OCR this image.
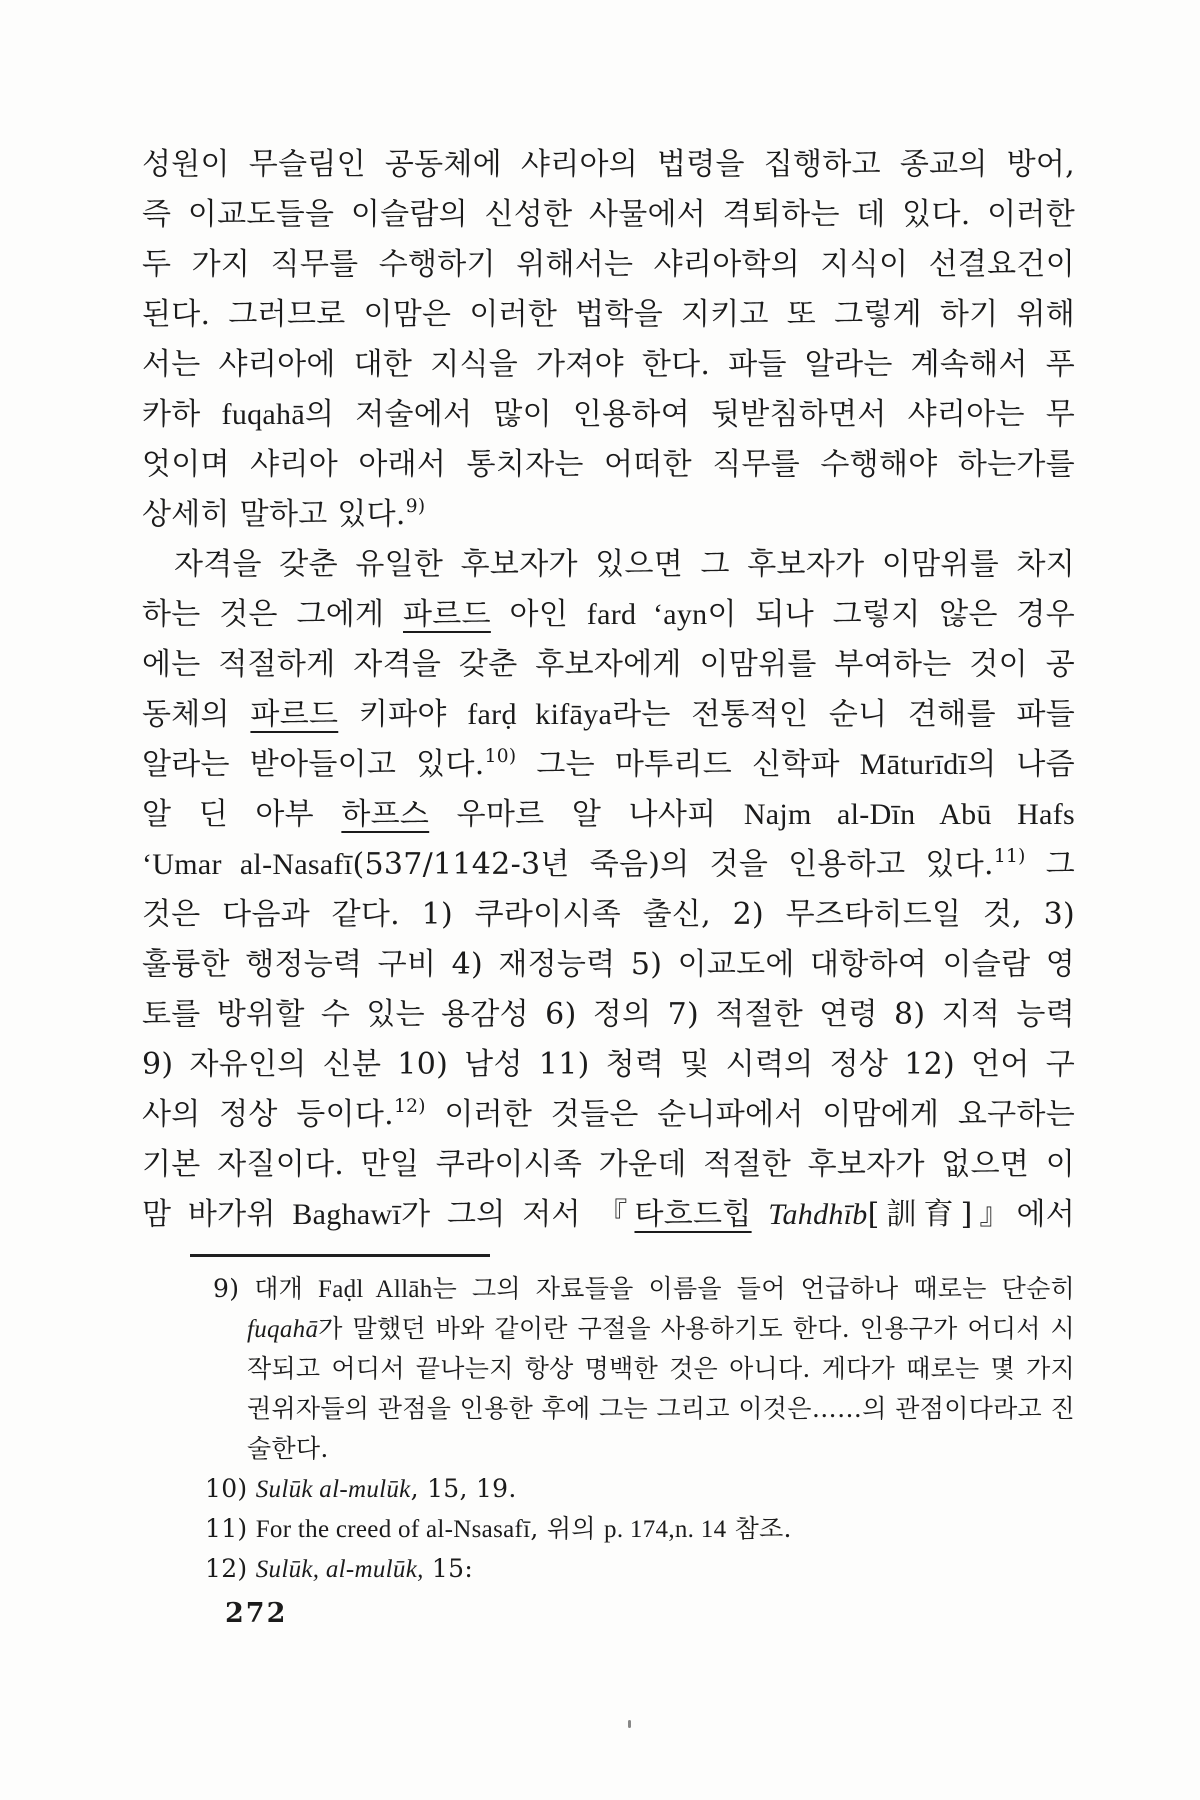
성원이 무슬림인 공동체에 샤리아의 법령을 집행하고 종교의 방어,
즉 이교도들을 이슬람의 신성한 사물에서 격퇴하는 데 있다. 이러한
두 가지 직무를 수행하기 위해서는 샤리아학의 지식이 선결요건이
된다. 그러므로 이맘은 이러한 법학을 지키고 또 그렇게 하기 위해
서는 샤리아에 대한 지식을 가져야 한다. 파들 알라는 계속해서 푸
카하 fuqahā의 저술에서 많이 인용하여 뒷받침하면서 샤리아는 무
엇이며 샤리아 아래서 통치자는 어떠한 직무를 수행해야 하는가를
상세히 말하고 있다.$^{9)}$
자격을 갖춘 유일한 후보자가 있으면 그 후보자가 이맘위를 차지
하는 것은 그에게 파르드 아인 fard ‘ayn이 되나 그렇지 않은 경우
에는 적절하게 자격을 갖춘 후보자에게 이맘위를 부여하는 것이 공
동체의 파르드 키파야 farḍ kifāya라는 전통적인 순니 견해를 파들
알라는 받아들이고 있다.$^{10)}$ 그는 마투리드 신학파 Māturīdī의 나즘
알 딘 아부 하프스 우마르 알 나사피 Najm al-Dīn Abū Hafs
‘Umar al-Nasafī(537/1142-3년 죽음)의 것을 인용하고 있다.$^{11)}$ 그
것은 다음과 같다. 1) 쿠라이시족 출신, 2) 무즈타히드일 것, 3)
훌륭한 행정능력 구비 4) 재정능력 5) 이교도에 대항하여 이슬람 영
토를 방위할 수 있는 용감성 6) 정의 7) 적절한 연령 8) 지적 능력
9) 자유인의 신분 10) 남성 11) 청력 및 시력의 정상 12) 언어 구
사의 정상 등이다.$^{12)}$ 이러한 것들은 순니파에서 이맘에게 요구하는
기본 자질이다. 만일 쿠라이시족 가운데 적절한 후보자가 없으면 이
맘 바가위 Baghawī가 그의 저서 『타흐드힙 Tahdhīb[訓育]』에서
9) 대개 Faḍl Allāh는 그의 자료들을 이름을 들어 언급하나 때로는 단순히
fuqahā가 말했던 바와 같이란 구절을 사용하기도 한다. 인용구가 어디서 시
작되고 어디서 끝나는지 항상 명백한 것은 아니다. 게다가 때로는 몇 가지
권위자들의 관점을 인용한 후에 그는 그리고 이것은……의 관점이다라고 진
술한다.
10) Sulūk al-mulūk, 15, 19.
11) For the creed of al-Nsasafī, 위의 p. 174,n. 14 참조.
12) Sulūk, al-mulūk, 15:
272
